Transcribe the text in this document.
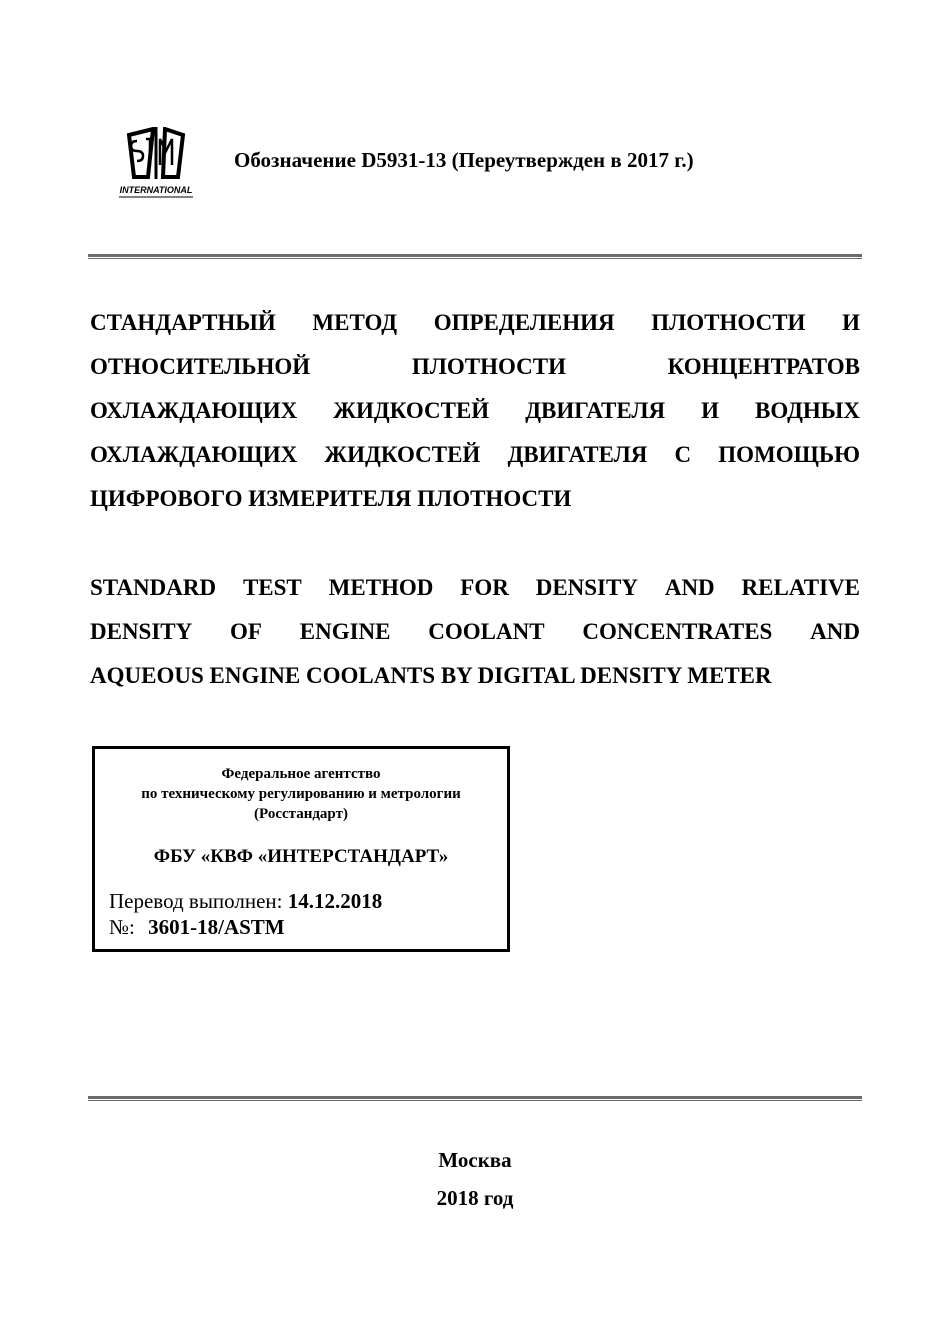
INTERNATIONAL
Обозначение D5931-13 (Переутвержден в 2017 г.)
СТАНДАРТНЫЙ МЕТОД ОПРЕДЕЛЕНИЯ ПЛОТНОСТИ И
ОТНОСИТЕЛЬНОЙ	ПЛОТНОСТИ	КОНЦЕНТРАТОВ
ОХЛАЖДАЮЩИХ ЖИДКОСТЕЙ ДВИГАТЕЛЯ И ВОДНЫХ
ОХЛАЖДАЮЩИХ ЖИДКОСТЕЙ ДВИГАТЕЛЯ С ПОМОЩЬЮ
ЦИФРОВОГО ИЗМЕРИТЕЛЯ ПЛОТНОСТИ
STANDARD TEST METHOD FOR DENSITY AND RELATIVE
DENSITY OF ENGINE COOLANT CONCENTRATES AND
AQUEOUS ENGINE COOLANTS BY DIGITAL DENSITY METER
Федеральное агентство
по техническому регулированию и метрологии
(Росстандарт)
ФБУ «КВФ «ИНТЕРСТАНДАРТ»
Перевод выполнен: 14.12.2018
№: 3601-18/ASTM
Москва
2018 год
